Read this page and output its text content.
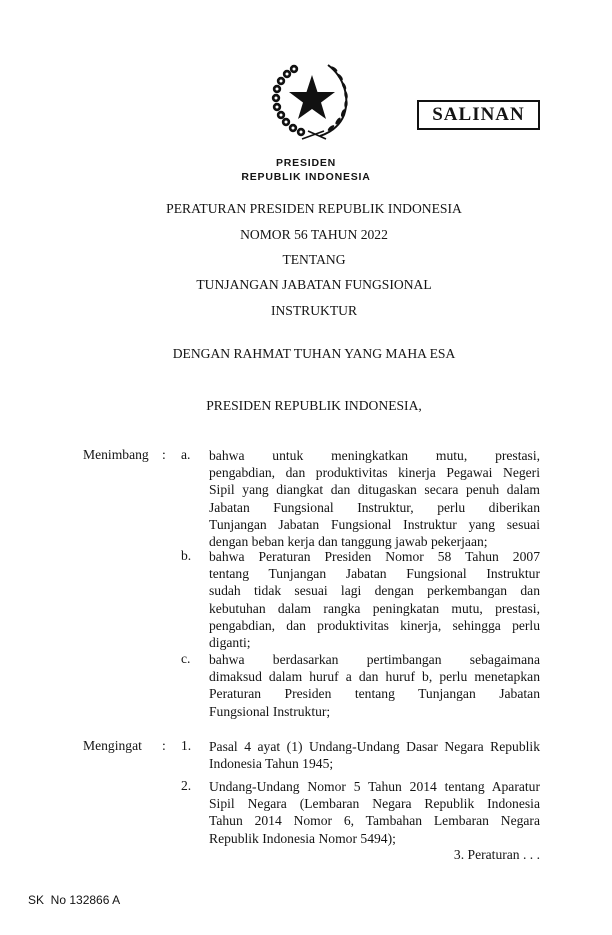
SALINAN
PRESIDEN
REPUBLIK INDONESIA
PERATURAN PRESIDEN REPUBLIK INDONESIA
NOMOR 56 TAHUN 2022
TENTANG
TUNJANGAN JABATAN FUNGSIONAL
INSTRUKTUR
DENGAN RAHMAT TUHAN YANG MAHA ESA
PRESIDEN REPUBLIK INDONESIA,
Menimbang : a. bahwa untuk meningkatkan mutu, prestasi,
pengabdian, dan produktivitas kinerja Pegawai Negeri
Sipil yang diangkat dan ditugaskan secara penuh dalam
Jabatan Fungsional Instruktur, perlu diberikan
Tunjangan Jabatan Fungsional Instruktur yang sesuai
dengan beban kerja dan tanggung jawab pekerjaan;
b. bahwa Peraturan Presiden Nomor 58 Tahun 2007
tentang Tunjangan Jabatan Fungsional Instruktur
sudah tidak sesuai lagi dengan perkembangan dan
kebutuhan dalam rangka peningkatan mutu, prestasi,
pengabdian, dan produktivitas kinerja, sehingga perlu
diganti;
c. bahwa berdasarkan pertimbangan sebagaimana
dimaksud dalam huruf a dan huruf b, perlu menetapkan
Peraturan Presiden tentang Tunjangan Jabatan
Fungsional Instruktur;
Mengingat : 1. Pasal 4 ayat (1) Undang-Undang Dasar Negara Republik
Indonesia Tahun 1945;
2. Undang-Undang Nomor 5 Tahun 2014 tentang Aparatur
Sipil Negara (Lembaran Negara Republik Indonesia
Tahun 2014 Nomor 6, Tambahan Lembaran Negara
Republik Indonesia Nomor 5494);
3. Peraturan . . .
SK  No 132866 A
